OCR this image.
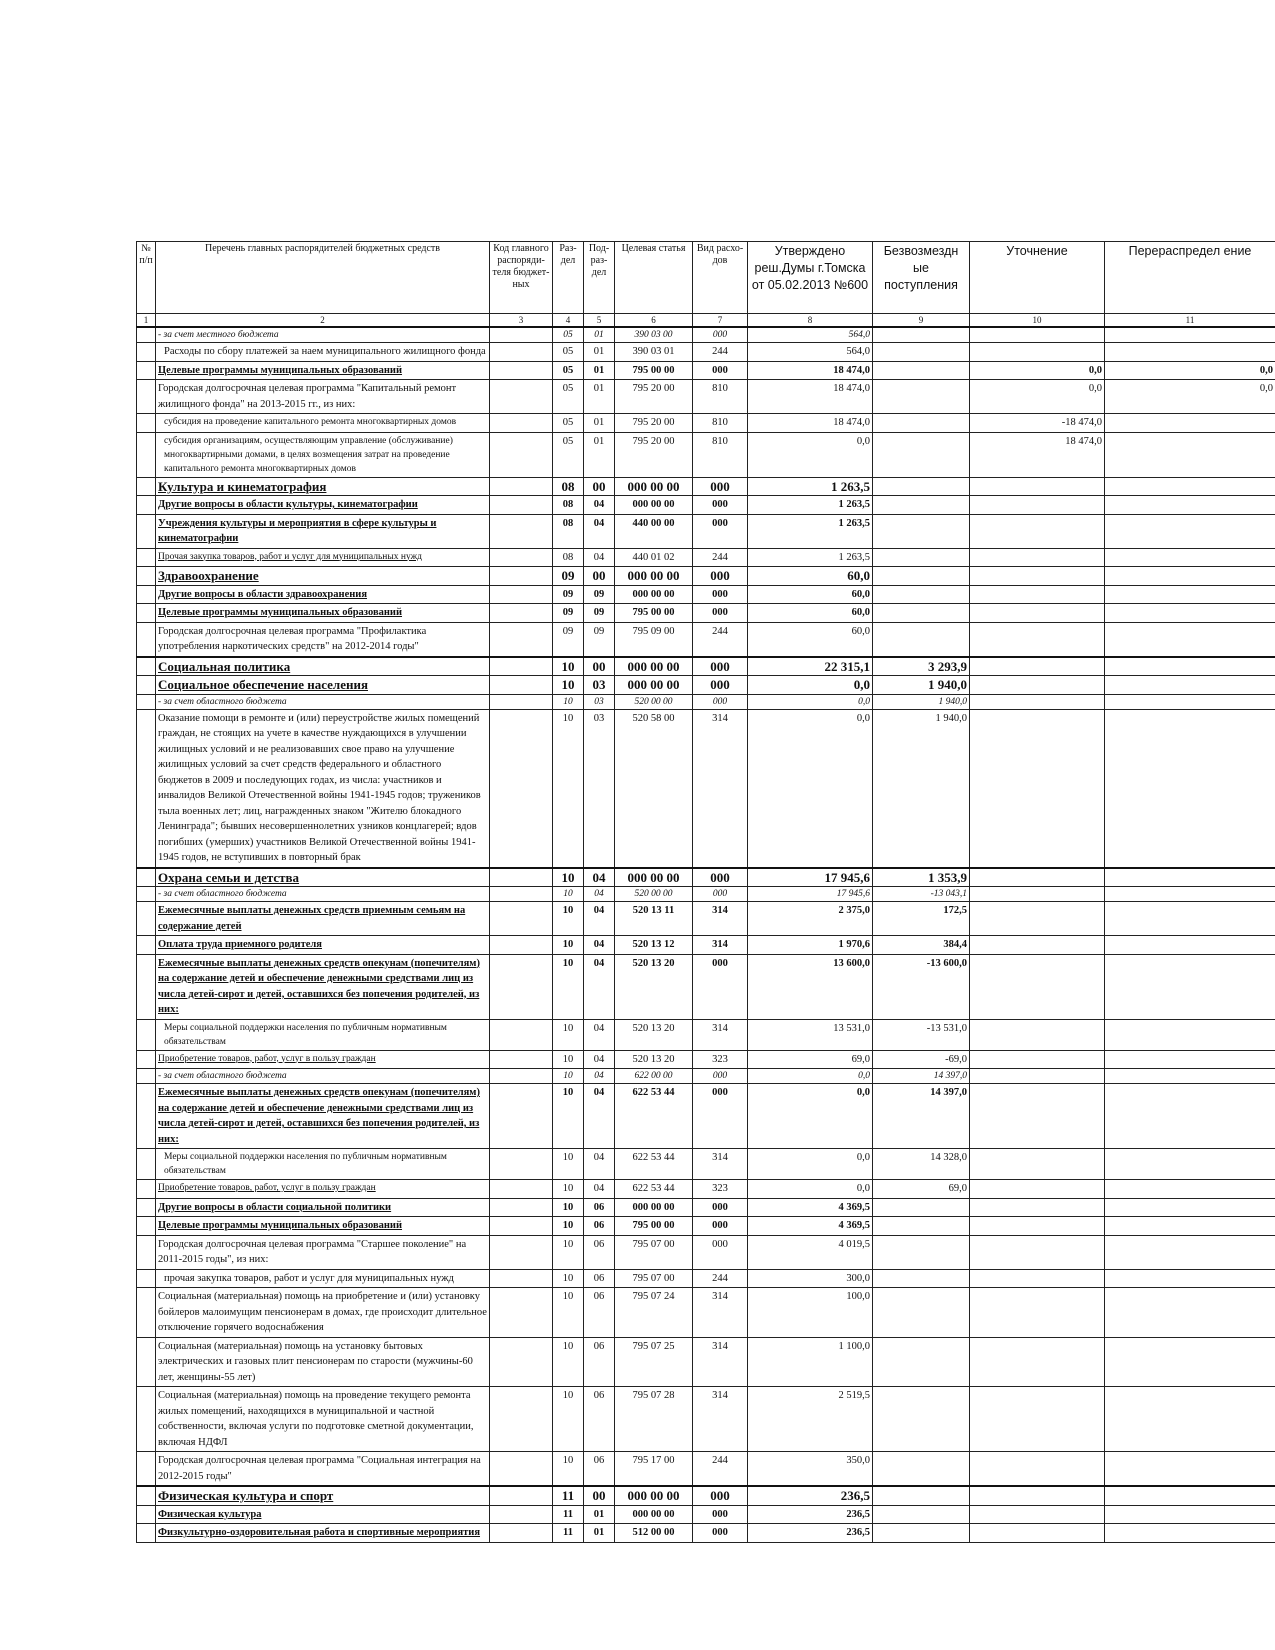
№ п/п	Перечень главных распорядителей бюджетных средств	Код главного распоряди-теля бюджет-ных	Раз-дел	Под-раз-дел	Целевая статья	Вид расхо-дов	Утверждено реш.Думы г.Томска от 05.02.2013 №600	Безвозмездн ые поступления	Уточнение	Перераспредел ение
1	2	3	4	5	6	7	8	9	10	11
	- за счет местного бюджета		05	01	390 03 00	000	564,0			
	Расходы по сбору платежей за наем муниципального жилищного фонда		05	01	390 03 01	244	564,0			
	Целевые программы муниципальных образований		05	01	795 00 00	000	18 474,0		0,0	0,0
	Городская долгосрочная целевая программа "Капитальный ремонт жилищного фонда" на 2013-2015 гг., из них:		05	01	795 20 00	810	18 474,0		0,0	0,0
	субсидия на проведение капитального ремонта многоквартирных домов		05	01	795 20 00	810	18 474,0		-18 474,0	
	субсидия организациям, осуществляющим управление (обслуживание) многоквартирными домами, в целях возмещения затрат на проведение капитального ремонта многоквартирных домов		05	01	795 20 00	810	0,0		18 474,0	
	Культура и кинематография		08	00	000 00 00	000	1 263,5			
	Другие вопросы в области культуры, кинематографии		08	04	000 00 00	000	1 263,5			
	Учреждения культуры и мероприятия в сфере культуры и кинематографии		08	04	440 00 00	000	1 263,5			
	Прочая закупка товаров, работ и услуг для муниципальных нужд		08	04	440 01 02	244	1 263,5			
	Здравоохранение		09	00	000 00 00	000	60,0			
	Другие вопросы в области здравоохранения		09	09	000 00 00	000	60,0			
	Целевые программы муниципальных образований		09	09	795 00 00	000	60,0			
	Городская долгосрочная целевая программа "Профилактика употребления наркотических средств" на 2012-2014 годы"		09	09	795 09 00	244	60,0			
	Социальная политика		10	00	000 00 00	000	22 315,1	3 293,9		
	Социальное обеспечение населения		10	03	000 00 00	000	0,0	1 940,0		
	- за счет областного бюджета		10	03	520 00 00	000	0,0	1 940,0		
	Оказание помощи в ремонте и (или) переустройстве жилых помещений граждан, не стоящих на учете в качестве нуждающихся в улучшении жилищных условий и не реализовавших свое право на улучшение жилищных условий за счет средств федерального и областного бюджетов в 2009 и последующих годах, из числа: участников и инвалидов Великой Отечественной войны 1941-1945 годов; тружеников тыла военных лет; лиц, награжденных знаком "Жителю блокадного Ленинграда"; бывших несовершеннолетних узников концлагерей; вдов погибших (умерших) участников Великой Отечественной войны 1941-1945 годов, не вступивших в повторный брак		10	03	520 58 00	314	0,0	1 940,0		
	Охрана семьи и детства		10	04	000 00 00	000	17 945,6	1 353,9		
	- за счет областного бюджета		10	04	520 00 00	000	17 945,6	-13 043,1		
	Ежемесячные выплаты денежных средств приемным семьям на содержание детей		10	04	520 13 11	314	2 375,0	172,5		
	Оплата труда приемного родителя		10	04	520 13 12	314	1 970,6	384,4		
	Ежемесячные выплаты денежных средств опекунам (попечителям) на содержание детей и обеспечение денежными средствами лиц из числа детей-сирот и детей, оставшихся без попечения родителей, из них:		10	04	520 13 20	000	13 600,0	-13 600,0		
	Меры социальной поддержки населения по публичным нормативным обязательствам		10	04	520 13 20	314	13 531,0	-13 531,0		
	Приобретение товаров, работ, услуг в пользу граждан		10	04	520 13 20	323	69,0	-69,0		
	- за счет областного бюджета		10	04	622 00 00	000	0,0	14 397,0		
	Ежемесячные выплаты денежных средств опекунам (попечителям) на содержание детей и обеспечение денежными средствами лиц из числа детей-сирот и детей, оставшихся без попечения родителей, из них:		10	04	622 53 44	000	0,0	14 397,0		
	Меры социальной поддержки населения по публичным нормативным обязательствам		10	04	622 53 44	314	0,0	14 328,0		
	Приобретение товаров, работ, услуг в пользу граждан		10	04	622 53 44	323	0,0	69,0		
	Другие вопросы в области социальной политики		10	06	000 00 00	000	4 369,5			
	Целевые программы муниципальных образований		10	06	795 00 00	000	4 369,5			
	Городская долгосрочная целевая программа "Старшее поколение" на 2011-2015 годы", из них:		10	06	795 07 00	000	4 019,5			
	прочая закупка товаров, работ и услуг для муниципальных нужд		10	06	795 07 00	244	300,0			
	Социальная (материальная) помощь на приобретение и (или) установку бойлеров малоимущим пенсионерам в домах, где происходит длительное отключение горячего водоснабжения		10	06	795 07 24	314	100,0			
	Социальная (материальная) помощь на установку бытовых электрических и газовых плит пенсионерам по старости (мужчины-60 лет, женщины-55 лет)		10	06	795 07 25	314	1 100,0			
	Социальная (материальная) помощь на проведение текущего ремонта жилых помещений, находящихся в муниципальной и частной собственности, включая услуги по подготовке сметной документации, включая НДФЛ		10	06	795 07 28	314	2 519,5			
	Городская долгосрочная целевая программа "Социальная интеграция на 2012-2015 годы"		10	06	795 17 00	244	350,0			
	Физическая культура и спорт		11	00	000 00 00	000	236,5			
	Физическая культура		11	01	000 00 00	000	236,5			
	Физкультурно-оздоровительная работа и спортивные мероприятия		11	01	512 00 00	000	236,5			
